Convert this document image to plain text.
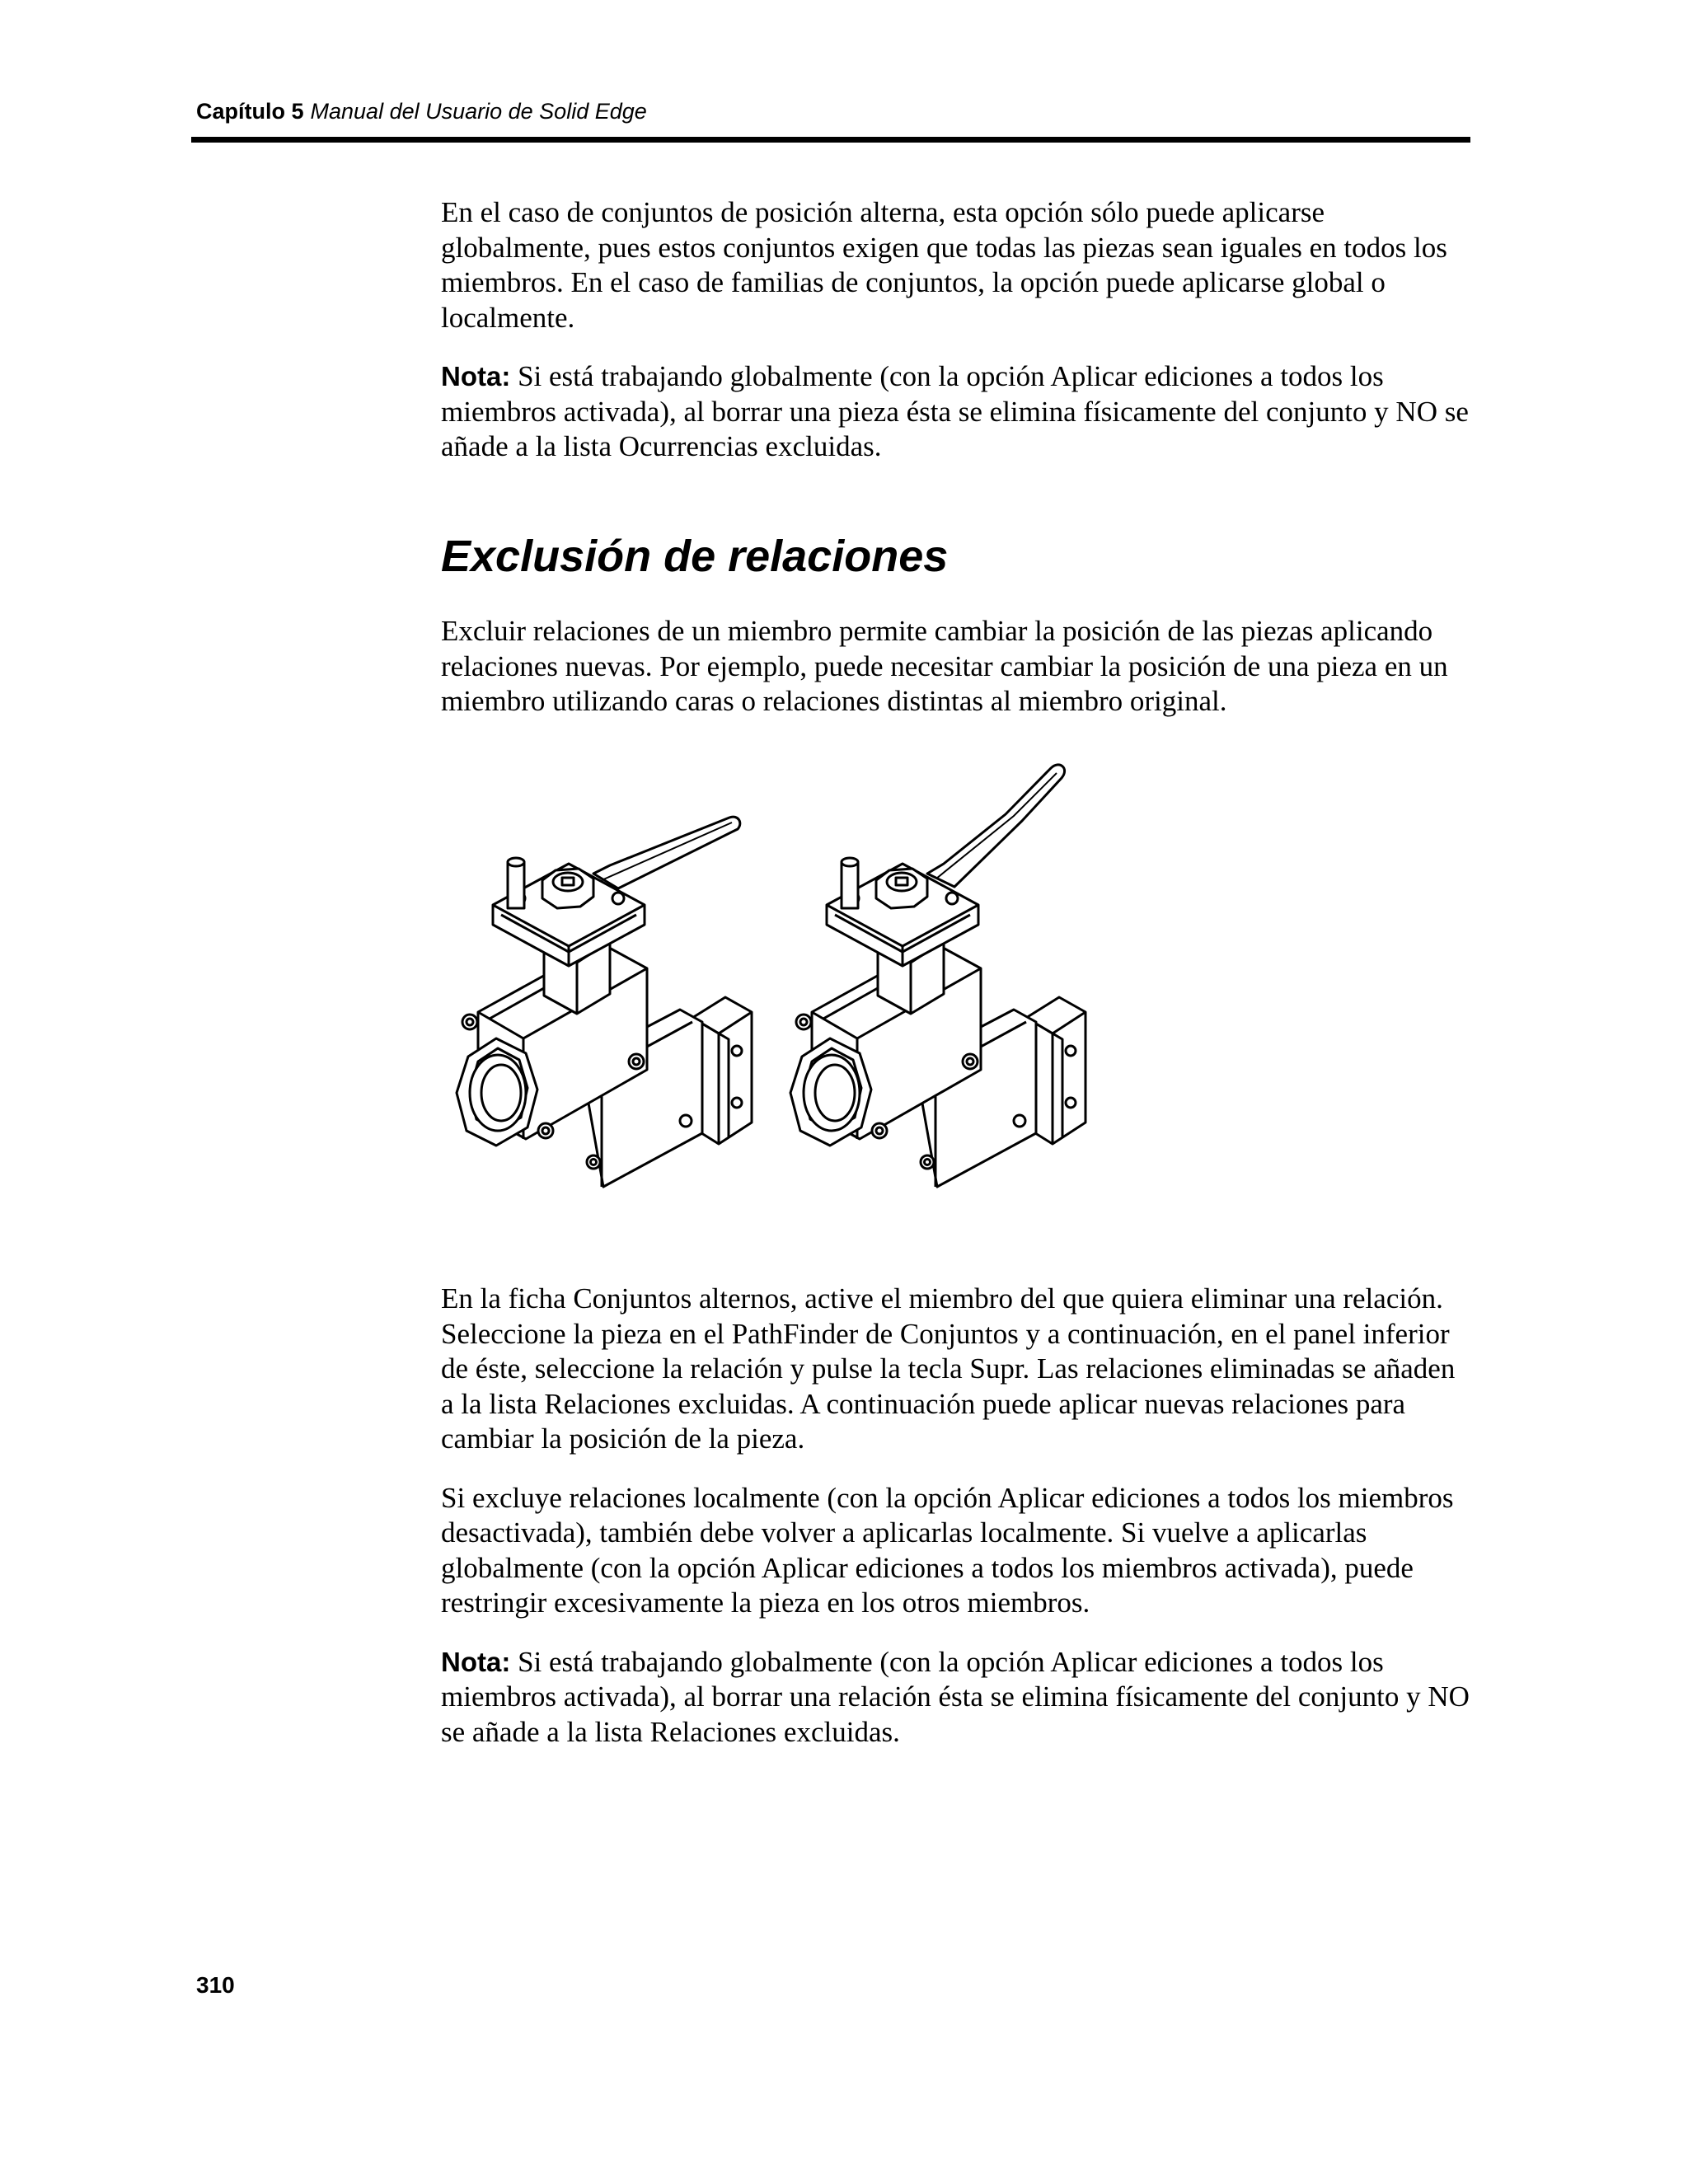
Capítulo 5 Manual del Usuario de Solid Edge

En el caso de conjuntos de posición alterna, esta opción sólo puede aplicarse globalmente, pues estos conjuntos exigen que todas las piezas sean iguales en todos los miembros. En el caso de familias de conjuntos, la opción puede aplicarse global o localmente.

Nota: Si está trabajando globalmente (con la opción Aplicar ediciones a todos los miembros activada), al borrar una pieza ésta se elimina físicamente del conjunto y NO se añade a la lista Ocurrencias excluidas.

Exclusión de relaciones

Excluir relaciones de un miembro permite cambiar la posición de las piezas aplicando relaciones nuevas. Por ejemplo, puede necesitar cambiar la posición de una pieza en un miembro utilizando caras o relaciones distintas al miembro original.

En la ficha Conjuntos alternos, active el miembro del que quiera eliminar una relación. Seleccione la pieza en el PathFinder de Conjuntos y a continuación, en el panel inferior de éste, seleccione la relación y pulse la tecla Supr. Las relaciones eliminadas se añaden a la lista Relaciones excluidas. A continuación puede aplicar nuevas relaciones para cambiar la posición de la pieza.

Si excluye relaciones localmente (con la opción Aplicar ediciones a todos los miembros desactivada), también debe volver a aplicarlas localmente. Si vuelve a aplicarlas globalmente (con la opción Aplicar ediciones a todos los miembros activada), puede restringir excesivamente la pieza en los otros miembros.

Nota: Si está trabajando globalmente (con la opción Aplicar ediciones a todos los miembros activada), al borrar una relación ésta se elimina físicamente del conjunto y NO se añade a la lista Relaciones excluidas.

310
